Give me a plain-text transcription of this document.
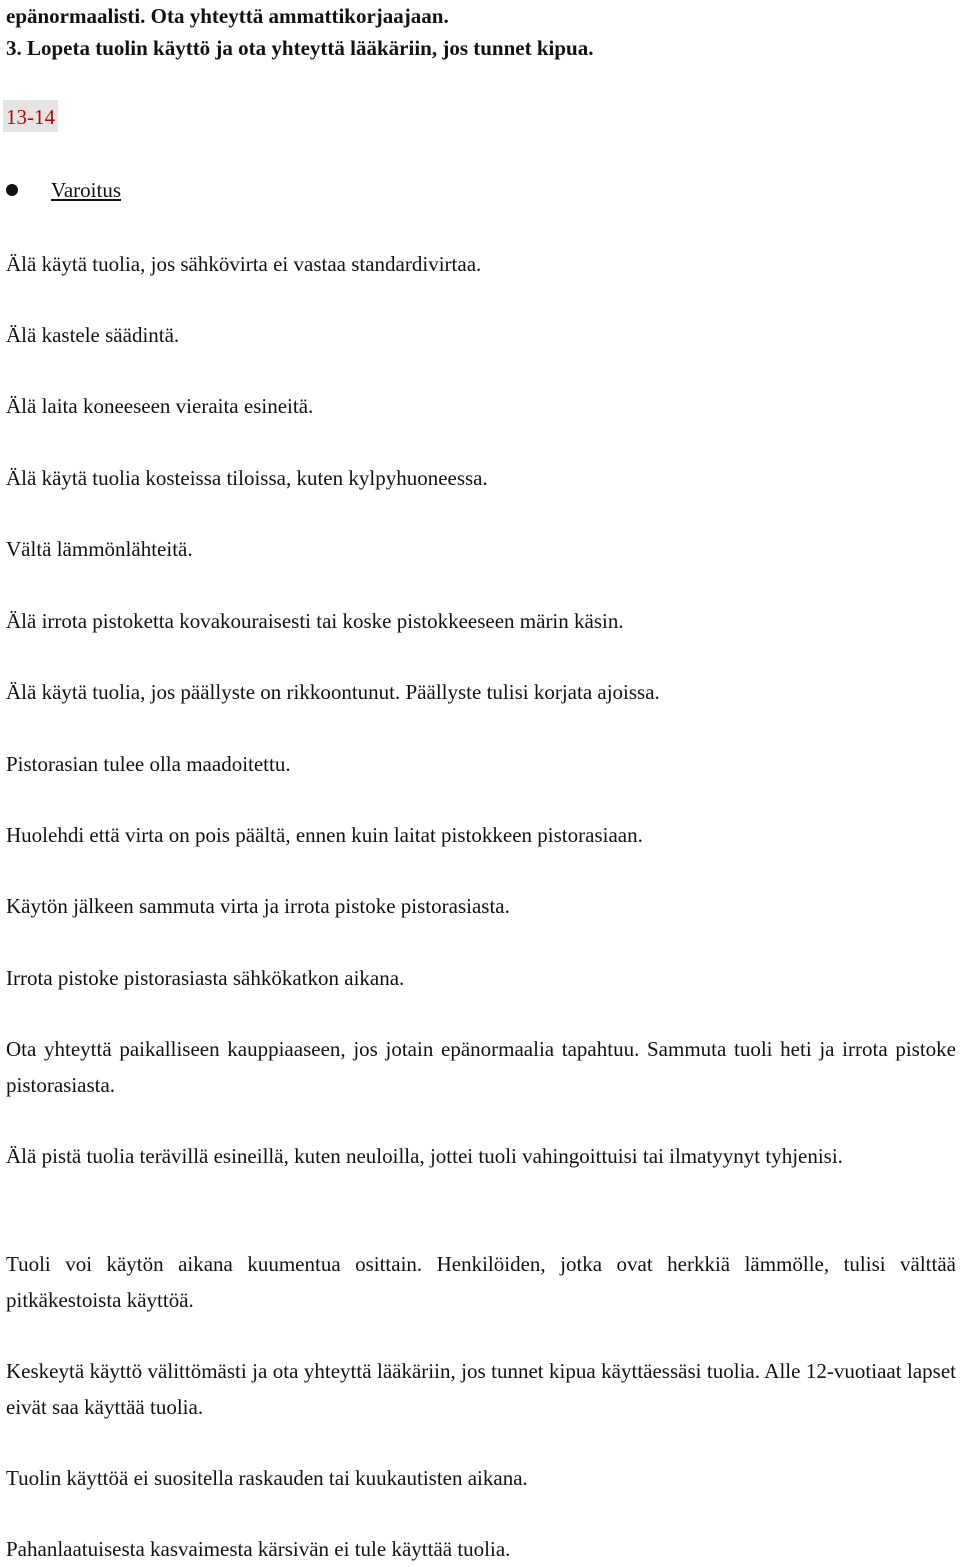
epänormaalisti. Ota yhteyttä ammattikorjaajaan.

3. Lopeta tuolin käyttö ja ota yhteyttä lääkäriin, jos tunnet kipua.

13-14
Varoitus

Älä käytä tuolia, jos sähkövirta ei vastaa standardivirtaa.

Älä kastele säädintä.

Älä laita koneeseen vieraita esineitä.

Älä käytä tuolia kosteissa tiloissa, kuten kylpyhuoneessa.

Vältä lämmönlähteitä.

Älä irrota pistoketta kovakouraisesti tai koske pistokkeeseen märin käsin.

Älä käytä tuolia, jos päällyste on rikkoontunut. Päällyste tulisi korjata ajoissa.

Pistorasian tulee olla maadoitettu.

Huolehdi että virta on pois päältä, ennen kuin laitat pistokkeen pistorasiaan.

Käytön jälkeen sammuta virta ja irrota pistoke pistorasiasta.

Irrota pistoke pistorasiasta sähkökatkon aikana.

Ota yhteyttä paikalliseen kauppiaaseen, jos jotain epänormaalia tapahtuu. Sammuta tuoli heti ja irrota pistoke pistorasiasta.

Älä pistä tuolia terävillä esineillä, kuten neuloilla, jottei tuoli vahingoittuisi tai ilmatyynyt tyhjenisi.

Tuoli voi käytön aikana kuumentua osittain. Henkilöiden, jotka ovat herkkiä lämmölle, tulisi välttää pitkäkestoista käyttöä.

Keskeytä käyttö välittömästi ja ota yhteyttä lääkäriin, jos tunnet kipua käyttäessäsi tuolia. Alle 12-vuotiaat lapset eivät saa käyttää tuolia.

Tuolin käyttöä ei suositella raskauden tai kuukautisten aikana.

Pahanlaatuisesta kasvaimesta kärsivän ei tule käyttää tuolia.
